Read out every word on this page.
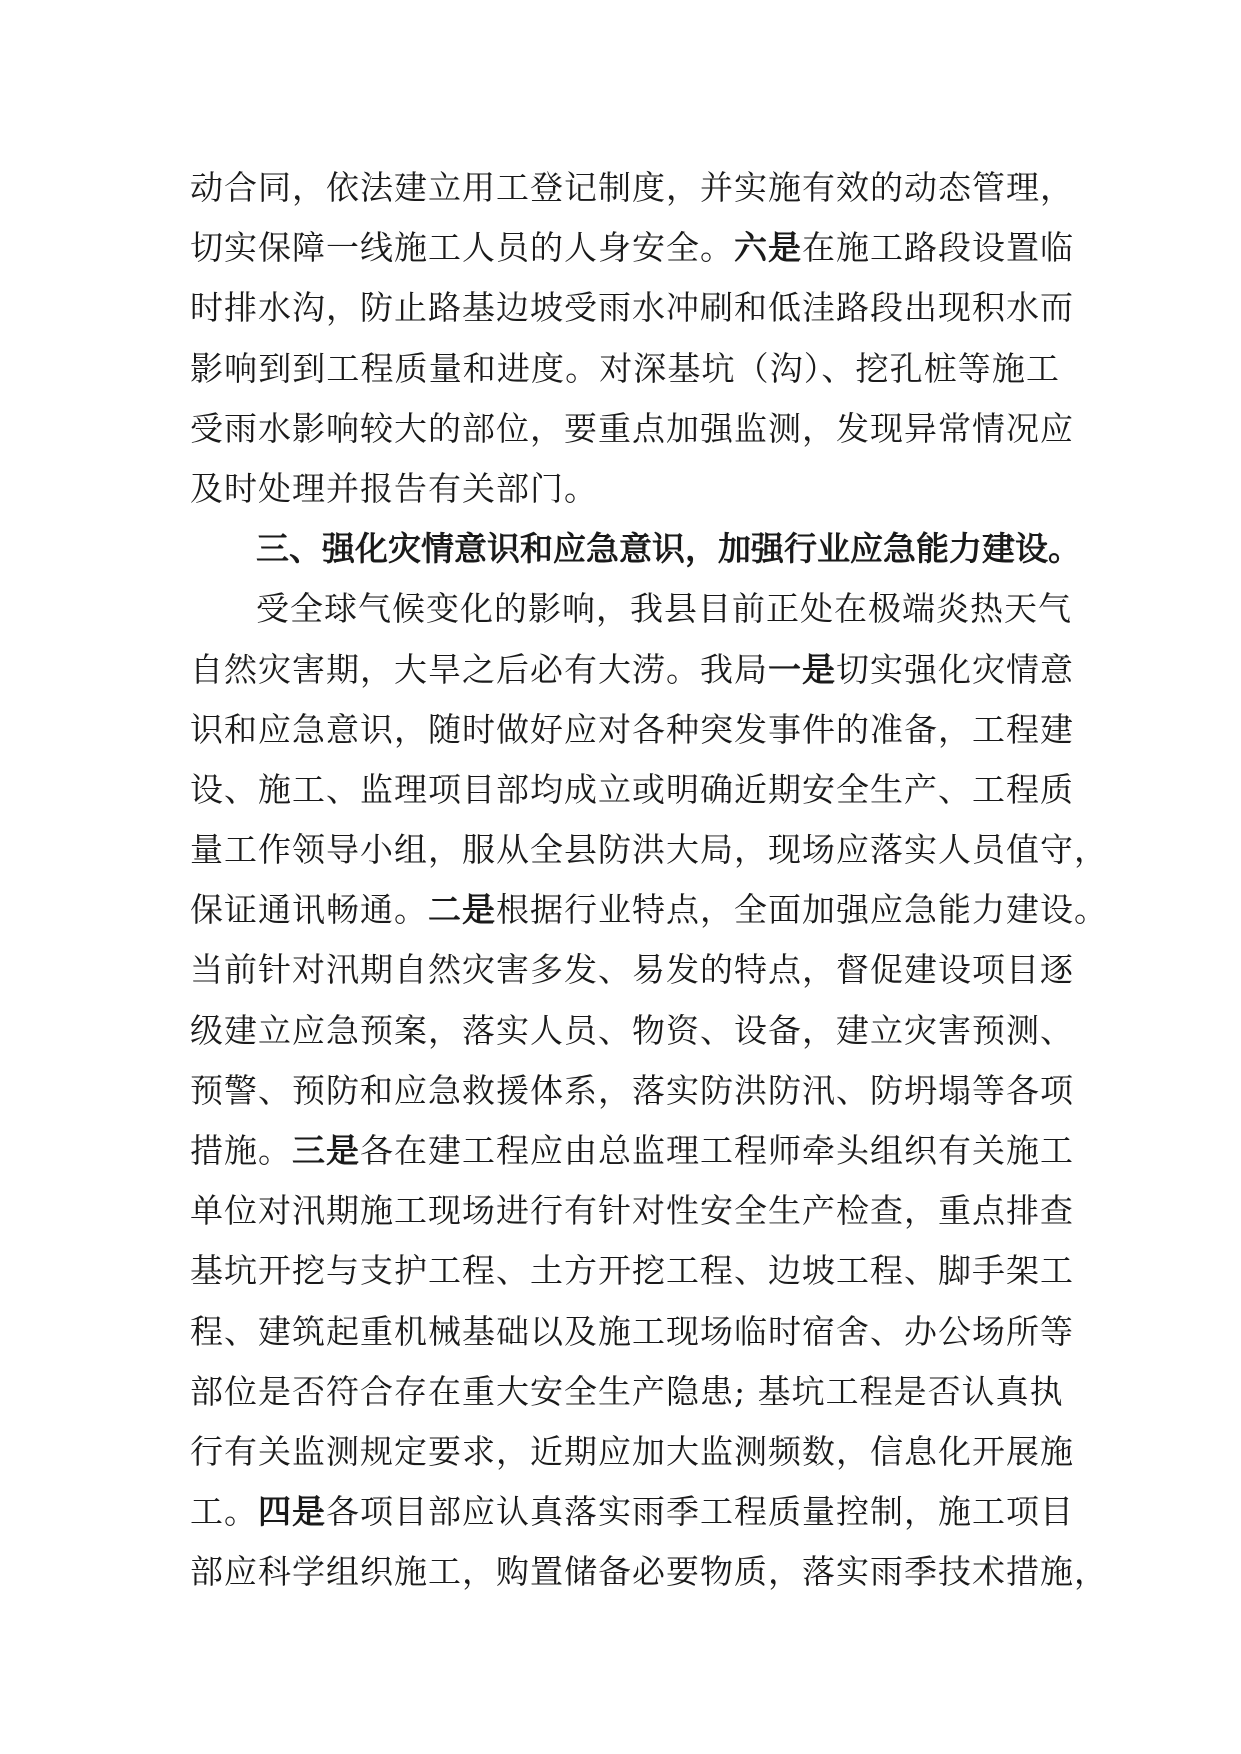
动合同，依法建立用工登记制度，并实施有效的动态管理，
切实保障一线施工人员的人身安全。六是在施工路段设置临
时排水沟，防止路基边坡受雨水冲刷和低洼路段出现积水而
影响到到工程质量和进度。对深基坑（沟）、挖孔桩等施工
受雨水影响较大的部位，要重点加强监测，发现异常情况应
及时处理并报告有关部门。
三、强化灾情意识和应急意识，加强行业应急能力建设。
受全球气候变化的影响，我县目前正处在极端炎热天气
自然灾害期，大旱之后必有大涝。我局一是切实强化灾情意
识和应急意识，随时做好应对各种突发事件的准备，工程建
设、施工、监理项目部均成立或明确近期安全生产、工程质
量工作领导小组，服从全县防洪大局，现场应落实人员值守，
保证通讯畅通。二是根据行业特点，全面加强应急能力建设。
当前针对汛期自然灾害多发、易发的特点，督促建设项目逐
级建立应急预案，落实人员、物资、设备，建立灾害预测、
预警、预防和应急救援体系，落实防洪防汛、防坍塌等各项
措施。三是各在建工程应由总监理工程师牵头组织有关施工
单位对汛期施工现场进行有针对性安全生产检查，重点排查
基坑开挖与支护工程、土方开挖工程、边坡工程、脚手架工
程、建筑起重机械基础以及施工现场临时宿舍、办公场所等
部位是否符合存在重大安全生产隐患; 基坑工程是否认真执
行有关监测规定要求，近期应加大监测频数，信息化开展施
工。四是各项目部应认真落实雨季工程质量控制，施工项目
部应科学组织施工，购置储备必要物质，落实雨季技术措施，
